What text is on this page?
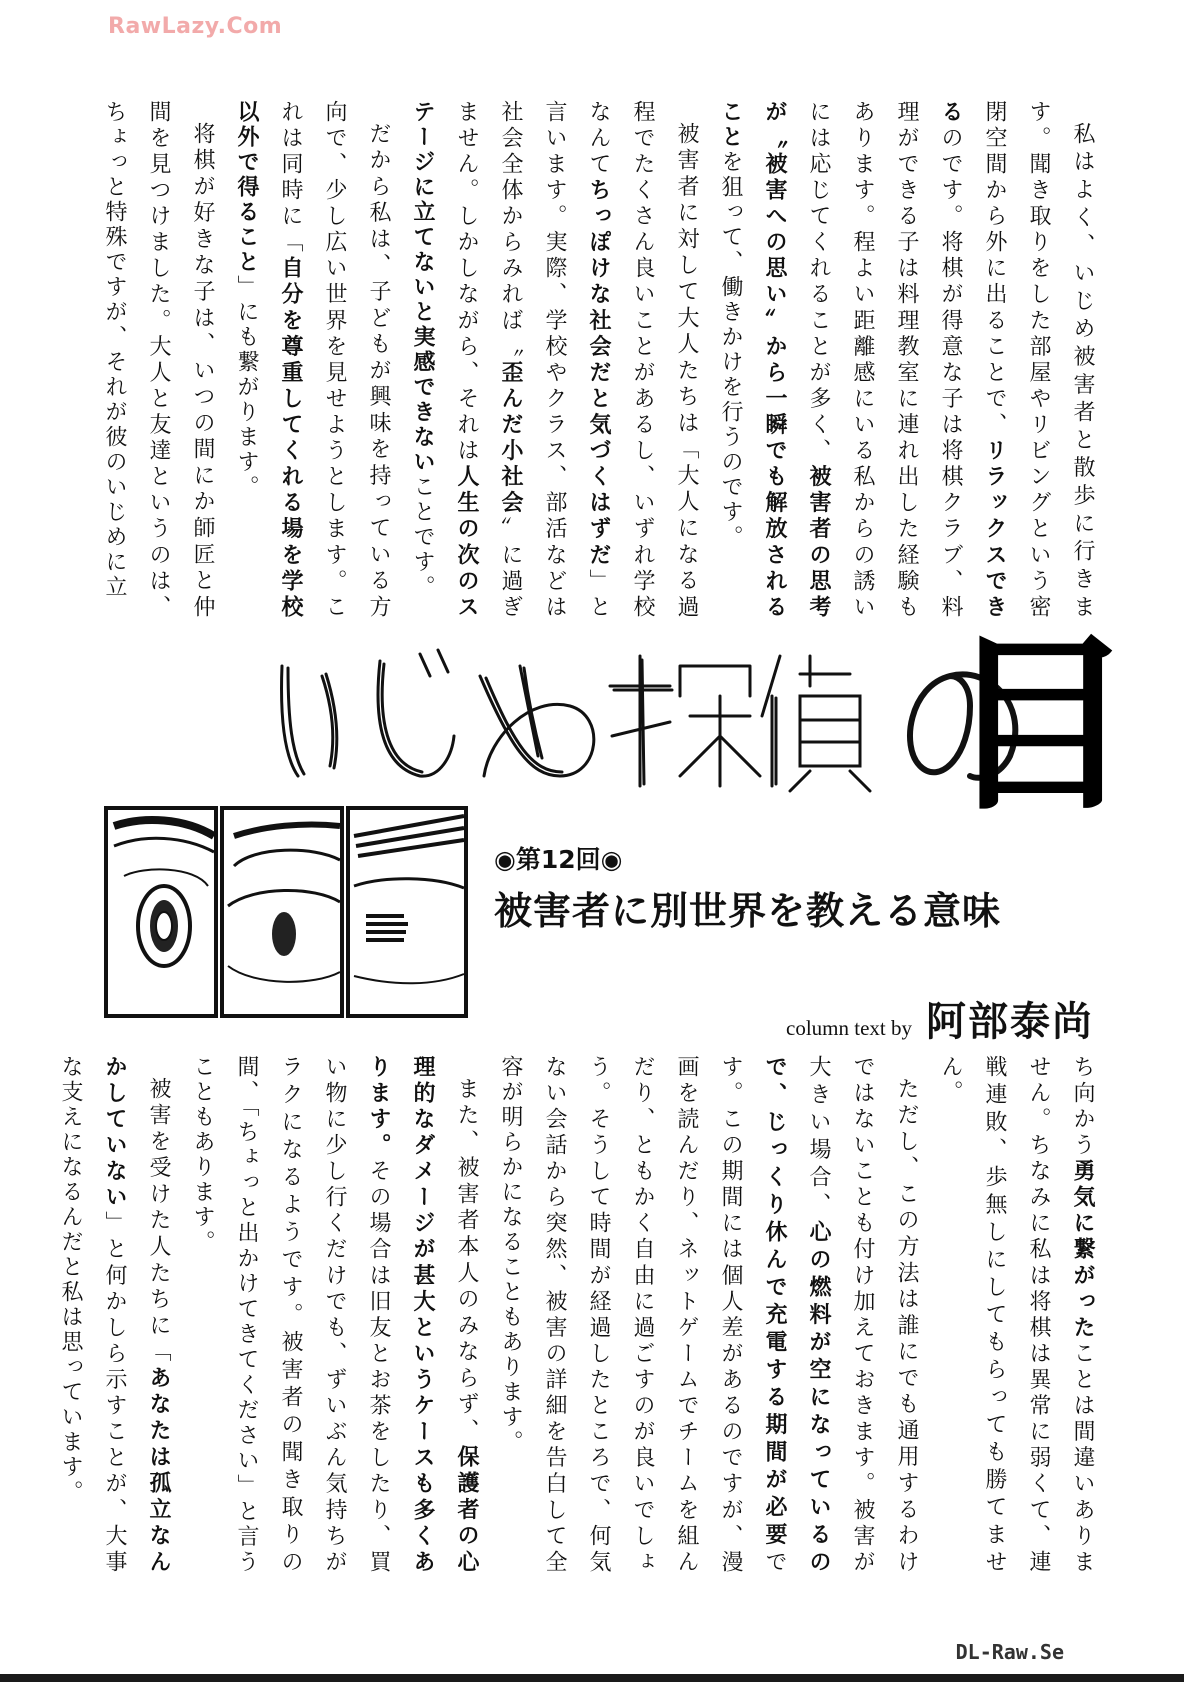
RawLazy.Com

私はよく、いじめ被害者と散歩に行きます。聞き取りをした部屋やリビングという密閉空間から外に出ることで、リラックスできるのです。将棋が得意な子は将棋クラブ、料理ができる子は料理教室に連れ出した経験もあります。程よい距離感にいる私からの誘いには応じてくれることが多く、被害者の思考が〝被害への思い〟から一瞬でも解放されることを狙って、働きかけを行うのです。

被害者に対して大人たちは「大人になる過程でたくさん良いことがあるし、いずれ学校なんてちっぽけな社会だと気づくはずだ」と言います。実際、学校やクラス、部活などは社会全体からみれば〝歪んだ小社会〟に過ぎません。しかしながら、それは人生の次のステージに立てないと実感できないことです。

だから私は、子どもが興味を持っている方向で、少し広い世界を見せようとします。これは同時に「自分を尊重してくれる場を学校以外で得ること」にも繋がります。

将棋が好きな子は、いつの間にか師匠と仲間を見つけました。大人と友達というのは、ちょっと特殊ですが、それが彼のいじめに立

目
◉第12回◉
被害者に別世界を教える意味
column text by 阿部泰尚

ち向かう勇気に繋がったことは間違いありません。ちなみに私は将棋は異常に弱くて、連戦連敗、歩無しにしてもらっても勝てません。

ただし、この方法は誰にでも通用するわけではないことも付け加えておきます。被害が大きい場合、心の燃料が空になっているので、じっくり休んで充電する期間が必要です。この期間には個人差があるのですが、漫画を読んだり、ネットゲームでチームを組んだり、ともかく自由に過ごすのが良いでしょう。そうして時間が経過したところで、何気ない会話から突然、被害の詳細を告白して全容が明らかになることもあります。

また、被害者本人のみならず、保護者の心理的なダメージが甚大というケースも多くあります。その場合は旧友とお茶をしたり、買い物に少し行くだけでも、ずいぶん気持ちがラクになるようです。被害者の聞き取りの間、「ちょっと出かけてきてください」と言うこともあります。

被害を受けた人たちに「あなたは孤立なんかしていない」と何かしら示すことが、大事な支えになるんだと私は思っています。

DL-Raw.Se
